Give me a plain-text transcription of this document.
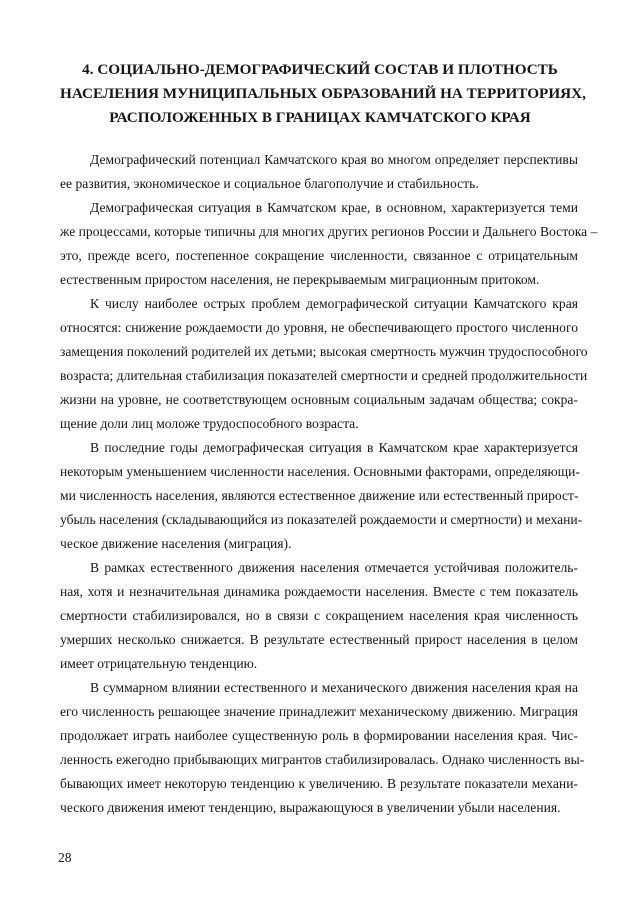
4. СОЦИАЛЬНО-ДЕМОГРАФИЧЕСКИЙ СОСТАВ И ПЛОТНОСТЬ
НАСЕЛЕНИЯ МУНИЦИПАЛЬНЫХ ОБРАЗОВАНИЙ НА ТЕРРИТОРИЯХ,
РАСПОЛОЖЕННЫХ В ГРАНИЦАХ КАМЧАТСКОГО КРАЯ
Демографический потенциал Камчатского края во многом определяет перспективы
ее развития, экономическое и социальное благополучие и стабильность.
Демографическая ситуация в Камчатском крае, в основном, характеризуется теми
же процессами, которые типичны для многих других регионов России и Дальнего Востока –
это, прежде всего, постепенное сокращение численности, связанное с отрицательным
естественным приростом населения, не перекрываемым миграционным притоком.
К числу наиболее острых проблем демографической ситуации Камчатского края
относятся: снижение рождаемости до уровня, не обеспечивающего простого численного
замещения поколений родителей их детьми; высокая смертность мужчин трудоспособного
возраста; длительная стабилизация показателей смертности и средней продолжительности
жизни на уровне, не соответствующем основным социальным задачам общества; сокра-
щение доли лиц моложе трудоспособного возраста.
В последние годы демографическая ситуация в Камчатском крае характеризуется
некоторым уменьшением численности населения. Основными факторами, определяющи-
ми численность населения, являются естественное движение или естественный прирост-
убыль населения (складывающийся из показателей рождаемости и смертности) и механи-
ческое движение населения (миграция).
В рамках естественного движения населения отмечается устойчивая положитель-
ная, хотя и незначительная динамика рождаемости населения. Вместе с тем показатель
смертности стабилизировался, но в связи с сокращением населения края численность
умерших несколько снижается. В результате естественный прирост населения в целом
имеет отрицательную тенденцию.
В суммарном влиянии естественного и механического движения населения края на
его численность решающее значение принадлежит механическому движению. Миграция
продолжает играть наиболее существенную роль в формировании населения края. Чис-
ленность ежегодно прибывающих мигрантов стабилизировалась. Однако численность вы-
бывающих имеет некоторую тенденцию к увеличению. В результате показатели механи-
ческого движения имеют тенденцию, выражающуюся в увеличении убыли населения.
28
